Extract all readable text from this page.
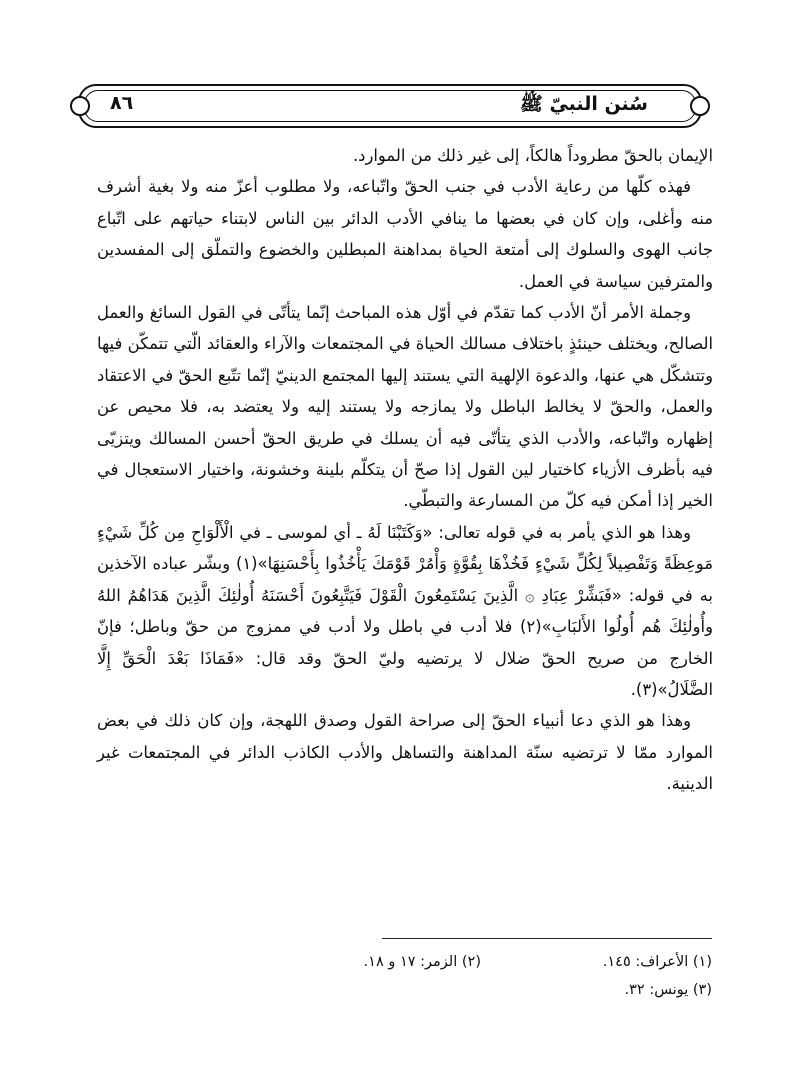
سُنن النبيّ ﷺ
٨٦

الإيمان بالحقّ مطروداً هالكاً، إلى غير ذلك من الموارد.

فهذه كلّها من رعاية الأدب في جنب الحقّ واتّباعه، ولا مطلوب أعزّ منه ولا بغية أشرف منه وأغلى، وإن كان في بعضها ما ينافي الأدب الدائر بين الناس لابتناء حياتهم على اتّباع جانب الهوى والسلوك إلى أمتعة الحياة بمداهنة المبطلين والخضوع والتملّق إلى المفسدين والمترفين سياسة في العمل.

وجملة الأمر أنّ الأدب كما تقدّم في أوّل هذه المباحث إنّما يتأتّى في القول السائغ والعمل الصالح، ويختلف حينئذٍ باختلاف مسالك الحياة في المجتمعات والآراء والعقائد الّتي تتمكّن فيها وتتشكّل هي عنها، والدعوة الإلهية التي يستند إليها المجتمع الدينيّ إنّما تتّبع الحقّ في الاعتقاد والعمل، والحقّ لا يخالط الباطل ولا يمازجه ولا يستند إليه ولا يعتضد به، فلا محيص عن إظهاره واتّباعه، والأدب الذي يتأتّى فيه أن يسلك في طريق الحقّ أحسن المسالك ويتزيّى فيه بأظرف الأزياء كاختيار لين القول إذا صحّ أن يتكلّم بلينة وخشونة، واختيار الاستعجال في الخير إذا أمكن فيه كلّ من المسارعة والتبطّي.

وهذا هو الذي يأمر به في قوله تعالى: «وَكَتَبْنَا لَهُ ـ أي لموسى ـ في الْأَلْوَاحِ مِن كُلِّ شَيْءٍ مَوعِظَةً وَتَفْصِيلاً لِكُلِّ شَيْءٍ فَخُذْهَا بِقُوَّةٍ وَأْمُرْ قَوْمَكَ يَأْخُذُوا بِأَحْسَنِهَا»(١) وبشّر عباده الآخذين به في قوله: «فَبَشِّرْ عِبَادِ ۞ الَّذِينَ يَسْتَمِعُونَ الْقَوْلَ فَيَتَّبِعُونَ أَحْسَنَهُ أُولٰئِكَ الَّذِينَ هَدَاهُمُ اللهُ وأُولٰئِكَ هُم أُولُوا الأَلبَابِ»(٢) فلا أدب في باطل ولا أدب في ممزوج من حقّ وباطل؛ فإنّ الخارج من صريح الحقّ ضلال لا يرتضيه وليّ الحقّ وقد قال: «فَمَاذَا بَعْدَ الْحَقِّ إِلَّا الضَّلَالُ»(٣).

وهذا هو الذي دعا أنبياء الحقّ إلى صراحة القول وصدق اللهجة، وإن كان ذلك في بعض الموارد ممّا لا ترتضيه سنّة المداهنة والتساهل والأدب الكاذب الدائر في المجتمعات غير الدينية.

(١) الأعراف: ١٤٥.
(٢) الزمر: ١٧ و ١٨.
(٣) يونس: ٣٢.
